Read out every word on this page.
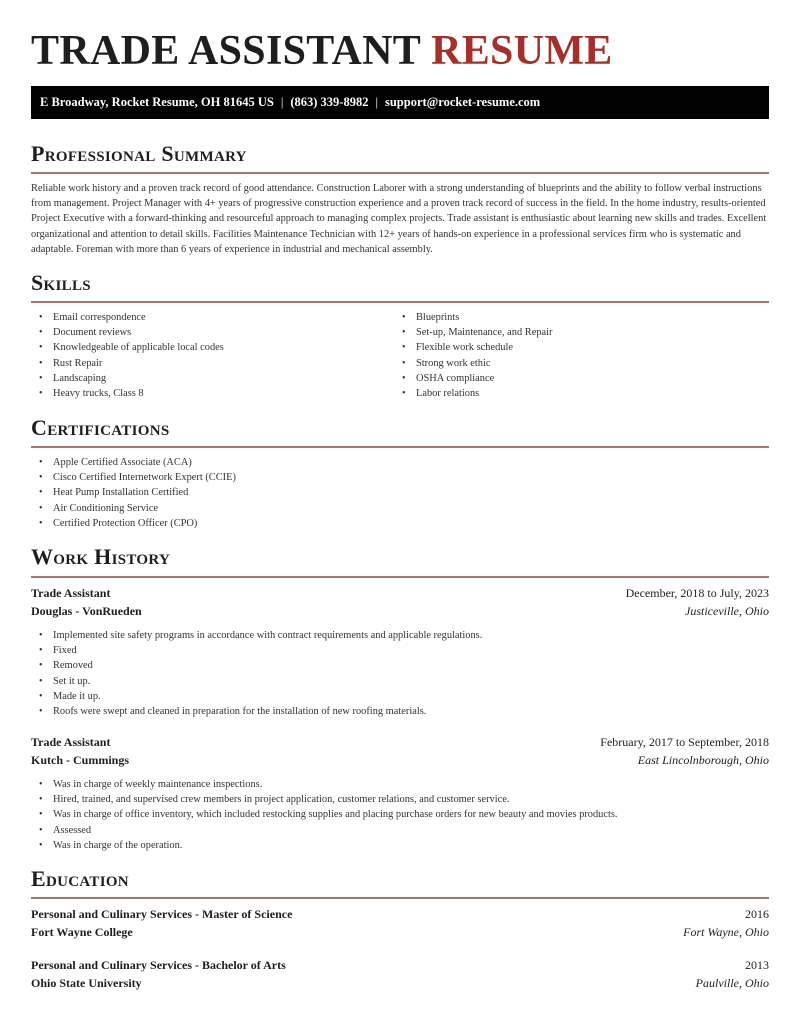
TRADE ASSISTANT RESUME
E Broadway, Rocket Resume, OH 81645 US | (863) 339-8982 | support@rocket-resume.com
Professional Summary

Reliable work history and a proven track record of good attendance. Construction Laborer with a strong understanding of blueprints and the ability to follow verbal instructions from management. Project Manager with 4+ years of progressive construction experience and a proven track record of success in the field. In the home industry, results-oriented Project Executive with a forward-thinking and resourceful approach to managing complex projects. Trade assistant is enthusiastic about learning new skills and trades. Excellent organizational and attention to detail skills. Facilities Maintenance Technician with 12+ years of hands-on experience in a professional services firm who is systematic and adaptable. Foreman with more than 6 years of experience in industrial and mechanical assembly.

Skills
• Email correspondence
• Document reviews
• Knowledgeable of applicable local codes
• Rust Repair
• Landscaping
• Heavy trucks, Class 8
• Blueprints
• Set-up, Maintenance, and Repair
• Flexible work schedule
• Strong work ethic
• OSHA compliance
• Labor relations
Certifications
• Apple Certified Associate (ACA)
• Cisco Certified Internetwork Expert (CCIE)
• Heat Pump Installation Certified
• Air Conditioning Service
• Certified Protection Officer (CPO)
Work History
Trade Assistant	December, 2018 to July, 2023
Douglas - VonRueden	Justiceville, Ohio
• Implemented site safety programs in accordance with contract requirements and applicable regulations.
• Fixed
• Removed
• Set it up.
• Made it up.
• Roofs were swept and cleaned in preparation for the installation of new roofing materials.
Trade Assistant	February, 2017 to September, 2018
Kutch - Cummings	East Lincolnborough, Ohio
• Was in charge of weekly maintenance inspections.
• Hired, trained, and supervised crew members in project application, customer relations, and customer service.
• Was in charge of office inventory, which included restocking supplies and placing purchase orders for new beauty and movies products.
• Assessed
• Was in charge of the operation.
Education
Personal and Culinary Services - Master of Science	2016
Fort Wayne College	Fort Wayne, Ohio
Personal and Culinary Services - Bachelor of Arts	2013
Ohio State University	Paulville, Ohio
